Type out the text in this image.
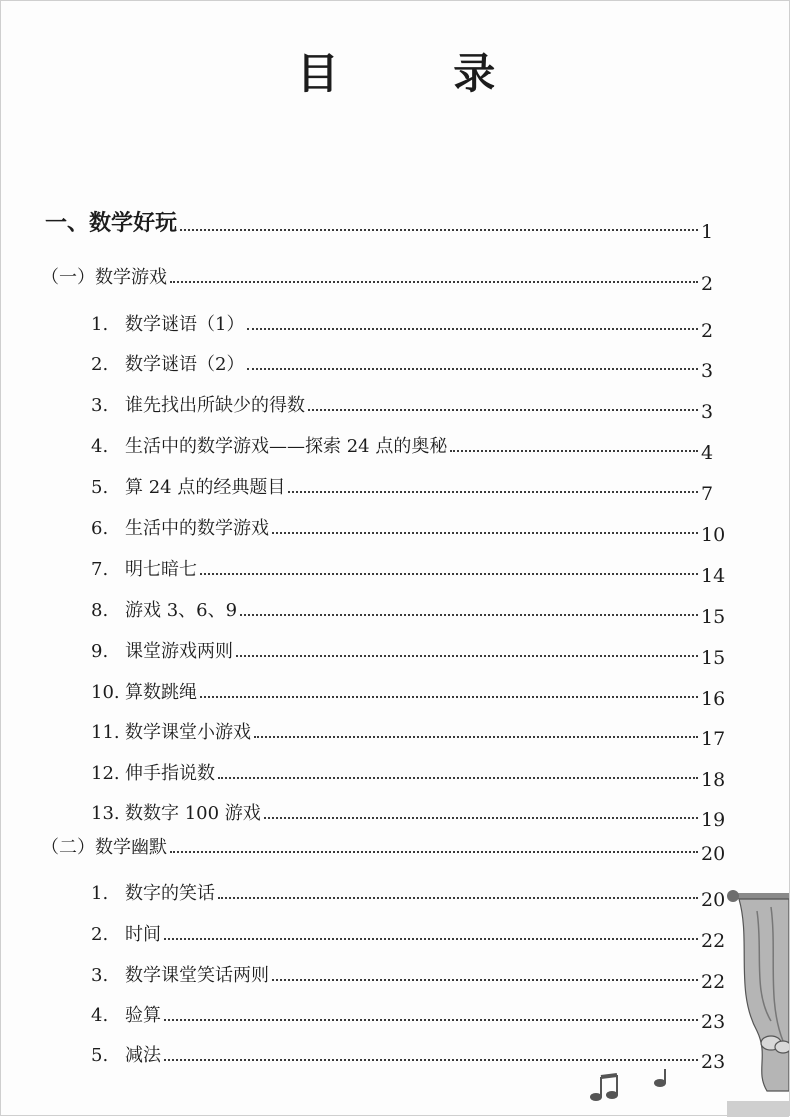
目 录
一、数学好玩	1
（一）数学游戏	2
1. 数学谜语（1）	2
2. 数学谜语（2）	3
3. 谁先找出所缺少的得数	3
4. 生活中的数学游戏——探索 24 点的奥秘	4
5. 算 24 点的经典题目	7
6. 生活中的数学游戏	10
7. 明七暗七	14
8. 游戏 3、6、9	15
9. 课堂游戏两则	15
10. 算数跳绳	16
11. 数学课堂小游戏	17
12. 伸手指说数	18
13. 数数字 100 游戏	19
（二）数学幽默	20
1. 数字的笑话	20
2. 时间	22
3. 数学课堂笑话两则	22
4. 验算	23
5. 减法	23
